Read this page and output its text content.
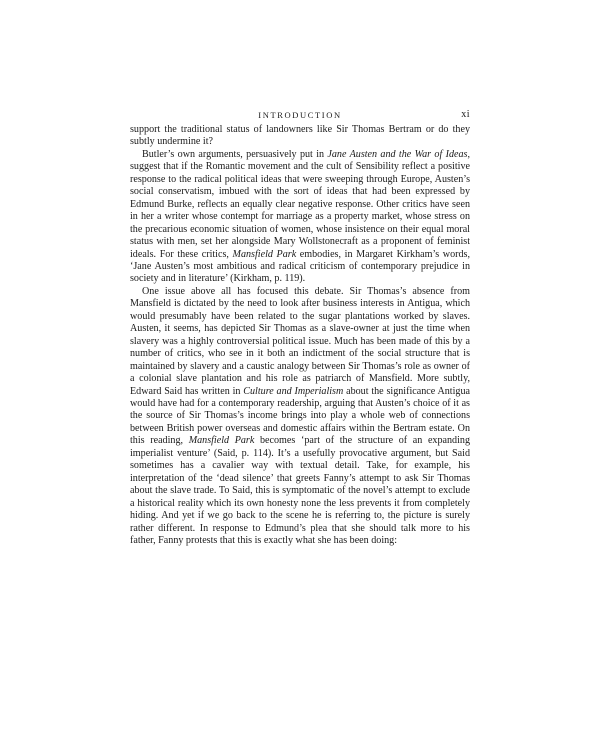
INTRODUCTION	xi

support the traditional status of landowners like Sir Thomas Bertram or do they subtly undermine it?

Butler’s own arguments, persuasively put in Jane Austen and the War of Ideas, suggest that if the Romantic movement and the cult of Sensibility reflect a positive response to the radical political ideas that were sweeping through Europe, Austen’s social conservatism, imbued with the sort of ideas that had been expressed by Edmund Burke, reflects an equally clear negative response. Other critics have seen in her a writer whose contempt for marriage as a property market, whose stress on the precarious economic situation of women, whose insistence on their equal moral status with men, set her alongside Mary Wollstonecraft as a proponent of feminist ideals. For these critics, Mansfield Park embodies, in Margaret Kirkham’s words, ‘Jane Austen’s most ambitious and radical criticism of contemporary prejudice in society and in literature’ (Kirkham, p. 119).

One issue above all has focused this debate. Sir Thomas’s absence from Mansfield is dictated by the need to look after business interests in Antigua, which would presumably have been related to the sugar plantations worked by slaves. Austen, it seems, has depicted Sir Thomas as a slave-owner at just the time when slavery was a highly controversial political issue. Much has been made of this by a number of critics, who see in it both an indictment of the social structure that is maintained by slavery and a caustic analogy between Sir Thomas’s role as owner of a colonial slave plantation and his role as patriarch of Mansfield. More subtly, Edward Said has written in Culture and Imperialism about the significance Antigua would have had for a contemporary readership, arguing that Austen’s choice of it as the source of Sir Thomas’s income brings into play a whole web of connections between British power overseas and domestic affairs within the Bertram estate. On this reading, Mansfield Park becomes ‘part of the structure of an expanding imperialist venture’ (Said, p. 114). It’s a usefully provocative argument, but Said sometimes has a cavalier way with textual detail. Take, for example, his interpretation of the ‘dead silence’ that greets Fanny’s attempt to ask Sir Thomas about the slave trade. To Said, this is symptomatic of the novel’s attempt to exclude a historical reality which its own honesty none the less prevents it from completely hiding. And yet if we go back to the scene he is referring to, the picture is surely rather different. In response to Edmund’s plea that she should talk more to his father, Fanny protests that this is exactly what she has been doing:
